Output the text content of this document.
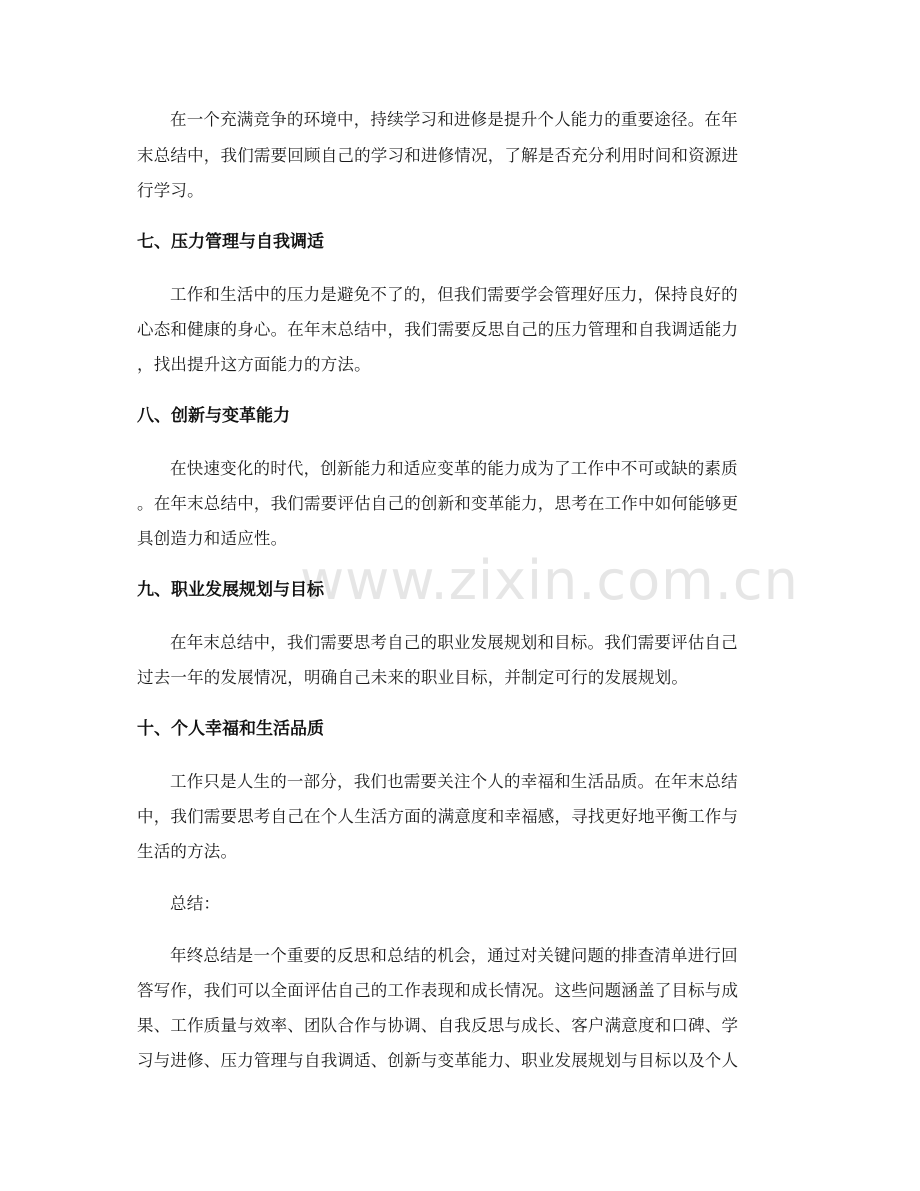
www.zixin.com.cn
在一个充满竞争的环境中，持续学习和进修是提升个人能力的重要途径。在年
末总结中，我们需要回顾自己的学习和进修情况，了解是否充分利用时间和资源进
行学习。
七、压力管理与自我调适
工作和生活中的压力是避免不了的，但我们需要学会管理好压力，保持良好的
心态和健康的身心。在年末总结中，我们需要反思自己的压力管理和自我调适能力
，找出提升这方面能力的方法。
八、创新与变革能力
在快速变化的时代，创新能力和适应变革的能力成为了工作中不可或缺的素质
。在年末总结中，我们需要评估自己的创新和变革能力，思考在工作中如何能够更
具创造力和适应性。
九、职业发展规划与目标
在年末总结中，我们需要思考自己的职业发展规划和目标。我们需要评估自己
过去一年的发展情况，明确自己未来的职业目标，并制定可行的发展规划。
十、个人幸福和生活品质
工作只是人生的一部分，我们也需要关注个人的幸福和生活品质。在年末总结
中，我们需要思考自己在个人生活方面的满意度和幸福感，寻找更好地平衡工作与
生活的方法。
总结：
年终总结是一个重要的反思和总结的机会，通过对关键问题的排查清单进行回
答写作，我们可以全面评估自己的工作表现和成长情况。这些问题涵盖了目标与成
果、工作质量与效率、团队合作与协调、自我反思与成长、客户满意度和口碑、学
习与进修、压力管理与自我调适、创新与变革能力、职业发展规划与目标以及个人
